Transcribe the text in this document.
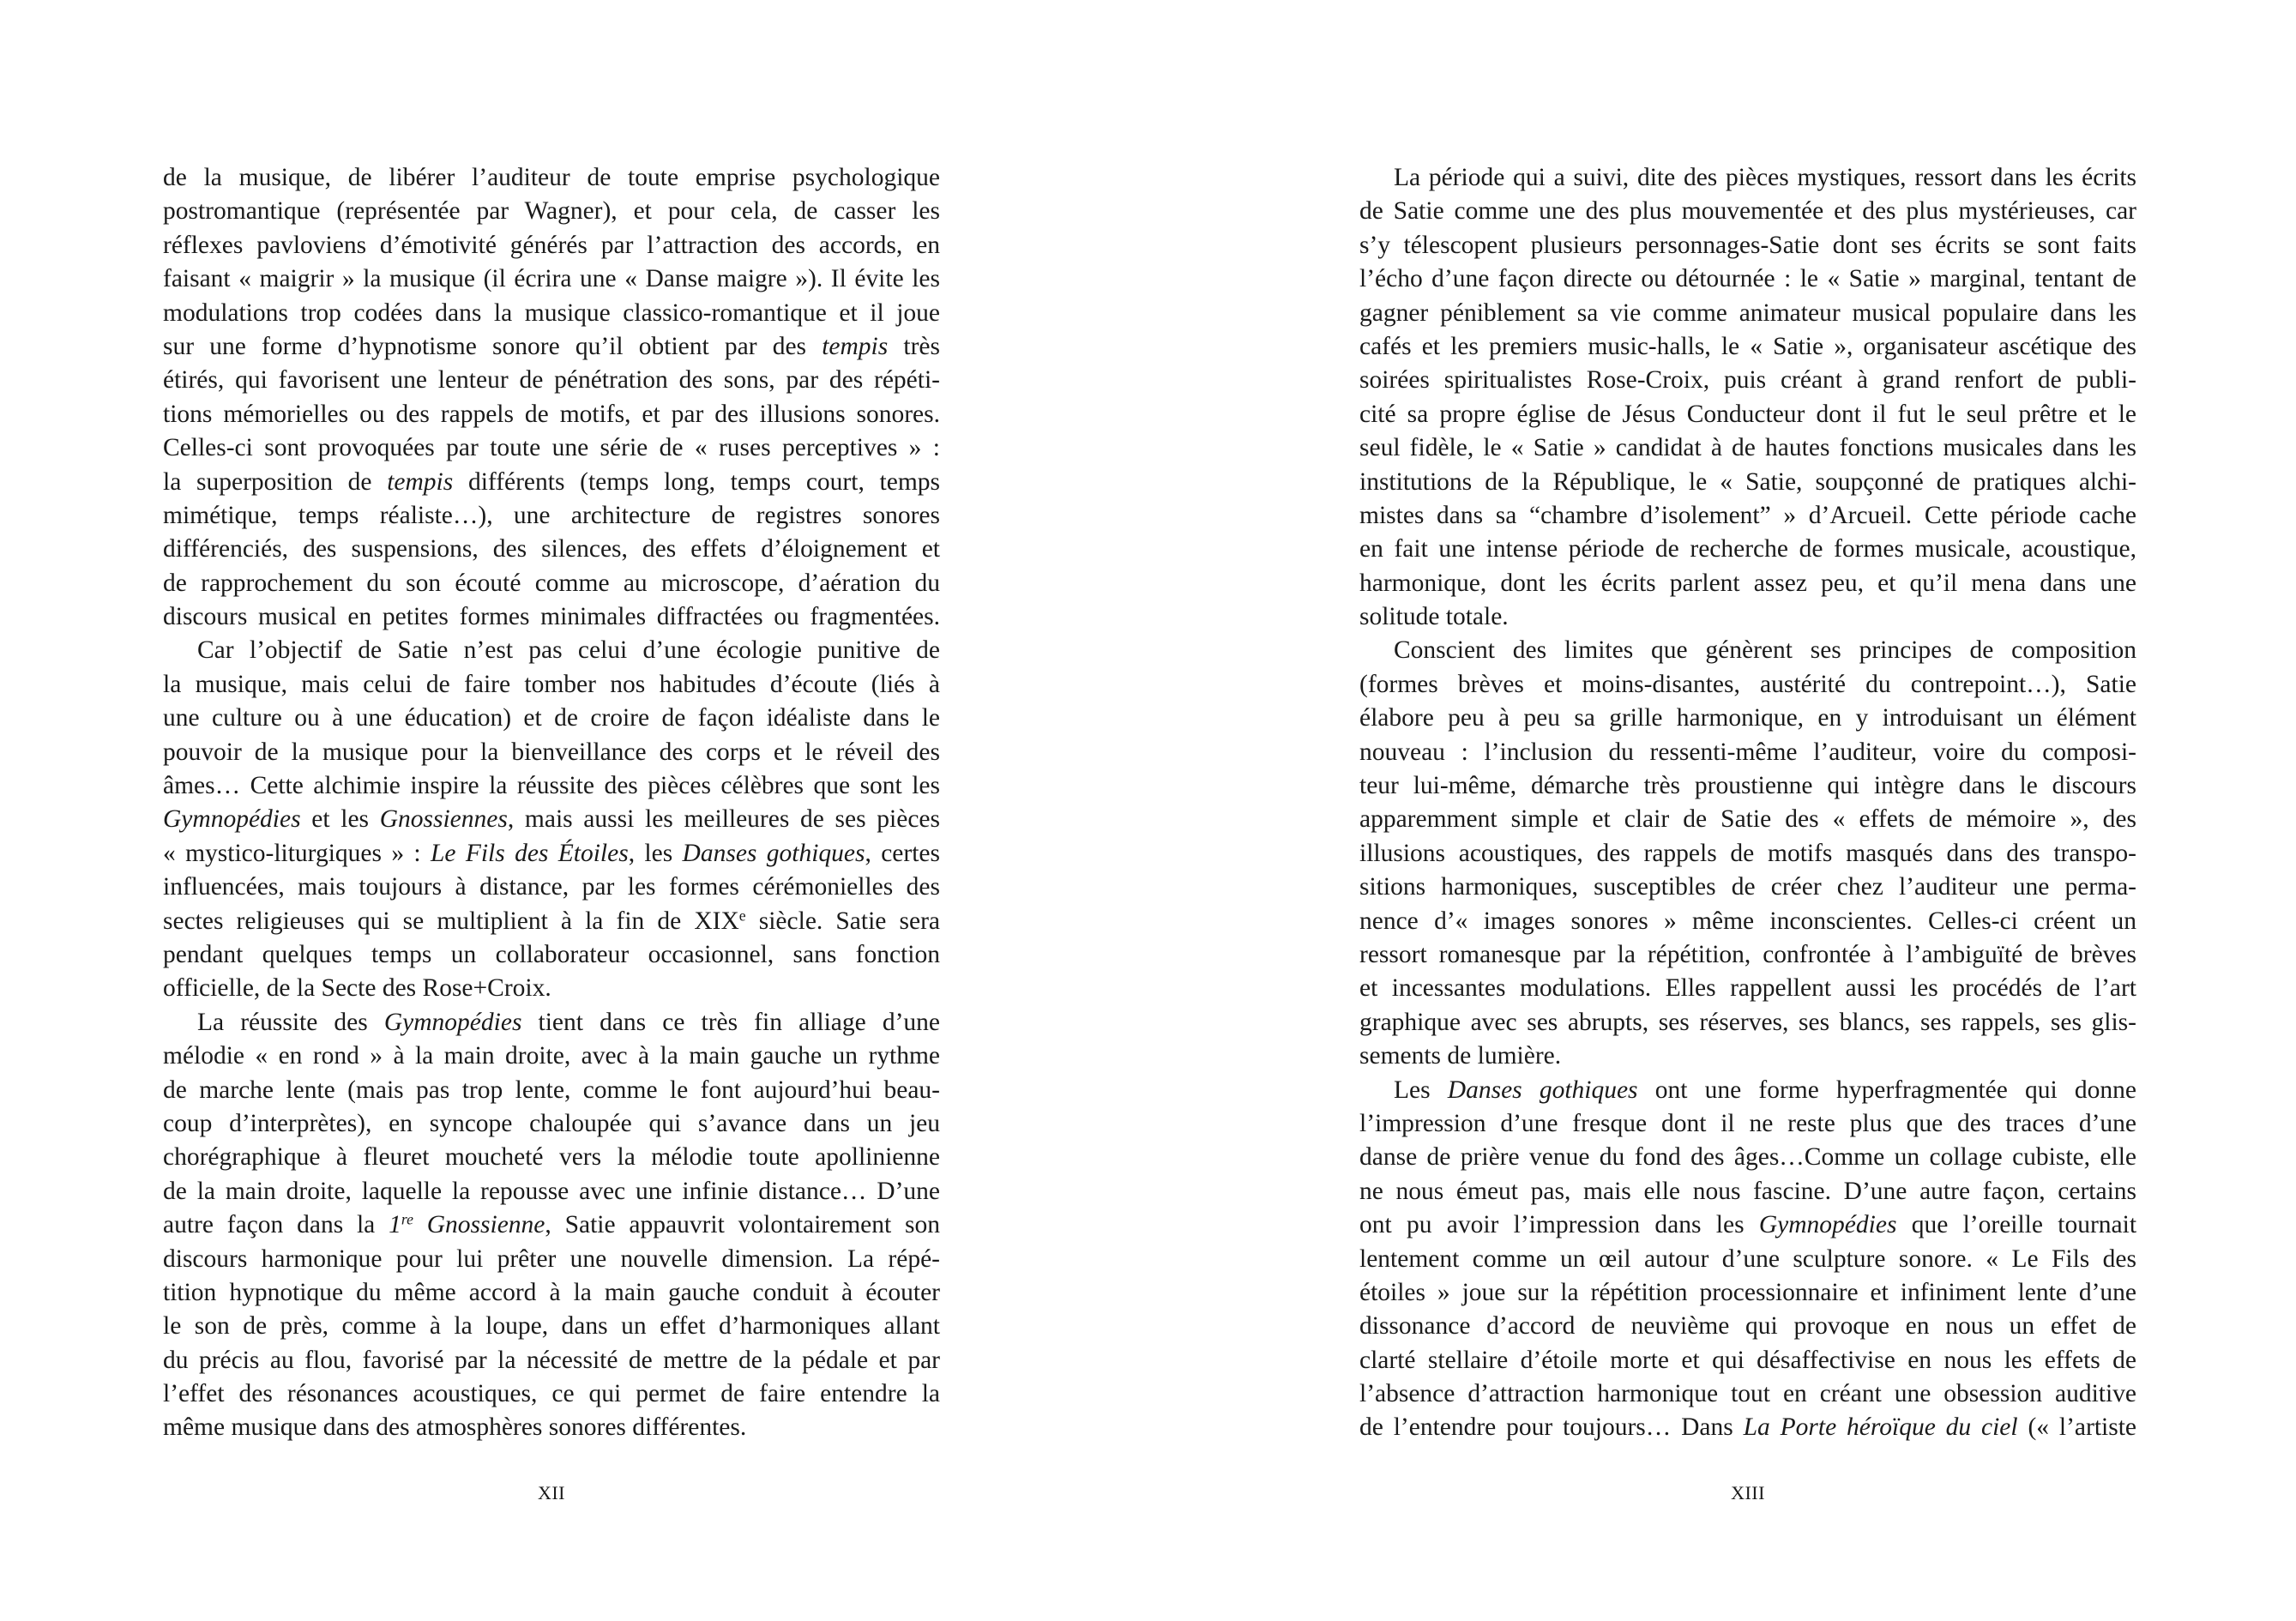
de la musique, de libérer l’auditeur de toute emprise psychologique
postromantique (représentée par Wagner), et pour cela, de casser les
réflexes pavloviens d’émotivité générés par l’attraction des accords, en
faisant « maigrir » la musique (il écrira une « Danse maigre »). Il évite les
modulations trop codées dans la musique classico-romantique et il joue
sur une forme d’hypnotisme sonore qu’il obtient par des tempis très
étirés, qui favorisent une lenteur de pénétration des sons, par des répéti-
tions mémorielles ou des rappels de motifs, et par des illusions sonores.
Celles-ci sont provoquées par toute une série de « ruses perceptives » :
la superposition de tempis différents (temps long, temps court, temps
mimétique, temps réaliste…), une architecture de registres sonores
différenciés, des suspensions, des silences, des effets d’éloignement et
de rapprochement du son écouté comme au microscope, d’aération du
discours musical en petites formes minimales diffractées ou fragmentées.
Car l’objectif de Satie n’est pas celui d’une écologie punitive de
la musique, mais celui de faire tomber nos habitudes d’écoute (liés à
une culture ou à une éducation) et de croire de façon idéaliste dans le
pouvoir de la musique pour la bienveillance des corps et le réveil des
âmes… Cette alchimie inspire la réussite des pièces célèbres que sont les
Gymnopédies et les Gnossiennes, mais aussi les meilleures de ses pièces
« mystico-liturgiques » : Le Fils des Étoiles, les Danses gothiques, certes
influencées, mais toujours à distance, par les formes cérémonielles des
sectes religieuses qui se multiplient à la fin de XIXe siècle. Satie sera
pendant quelques temps un collaborateur occasionnel, sans fonction
officielle, de la Secte des Rose+Croix.
La réussite des Gymnopédies tient dans ce très fin alliage d’une
mélodie « en rond » à la main droite, avec à la main gauche un rythme
de marche lente (mais pas trop lente, comme le font aujourd’hui beau-
coup d’interprètes), en syncope chaloupée qui s’avance dans un jeu
chorégraphique à fleuret moucheté vers la mélodie toute apollinienne
de la main droite, laquelle la repousse avec une infinie distance… D’une
autre façon dans la 1re Gnossienne, Satie appauvrit volontairement son
discours harmonique pour lui prêter une nouvelle dimension. La répé-
tition hypnotique du même accord à la main gauche conduit à écouter
le son de près, comme à la loupe, dans un effet d’harmoniques allant
du précis au flou, favorisé par la nécessité de mettre de la pédale et par
l’effet des résonances acoustiques, ce qui permet de faire entendre la
même musique dans des atmosphères sonores différentes.
XII
La période qui a suivi, dite des pièces mystiques, ressort dans les écrits
de Satie comme une des plus mouvementée et des plus mystérieuses, car
s’y télescopent plusieurs personnages-Satie dont ses écrits se sont faits
l’écho d’une façon directe ou détournée : le « Satie » marginal, tentant de
gagner péniblement sa vie comme animateur musical populaire dans les
cafés et les premiers music-halls, le « Satie », organisateur ascétique des
soirées spiritualistes Rose-Croix, puis créant à grand renfort de publi-
cité sa propre église de Jésus Conducteur dont il fut le seul prêtre et le
seul fidèle, le « Satie » candidat à de hautes fonctions musicales dans les
institutions de la République, le « Satie, soupçonné de pratiques alchi-
mistes dans sa “chambre d’isolement” » d’Arcueil. Cette période cache
en fait une intense période de recherche de formes musicale, acoustique,
harmonique, dont les écrits parlent assez peu, et qu’il mena dans une
solitude totale.
Conscient des limites que génèrent ses principes de composition
(formes brèves et moins-disantes, austérité du contrepoint…), Satie
élabore peu à peu sa grille harmonique, en y introduisant un élément
nouveau : l’inclusion du ressenti-même l’auditeur, voire du composi-
teur lui-même, démarche très proustienne qui intègre dans le discours
apparemment simple et clair de Satie des « effets de mémoire », des
illusions acoustiques, des rappels de motifs masqués dans des transpo-
sitions harmoniques, susceptibles de créer chez l’auditeur une perma-
nence d’« images sonores » même inconscientes. Celles-ci créent un
ressort romanesque par la répétition, confrontée à l’ambiguïté de brèves
et incessantes modulations. Elles rappellent aussi les procédés de l’art
graphique avec ses abrupts, ses réserves, ses blancs, ses rappels, ses glis-
sements de lumière.
Les Danses gothiques ont une forme hyperfragmentée qui donne
l’impression d’une fresque dont il ne reste plus que des traces d’une
danse de prière venue du fond des âges…Comme un collage cubiste, elle
ne nous émeut pas, mais elle nous fascine. D’une autre façon, certains
ont pu avoir l’impression dans les Gymnopédies que l’oreille tournait
lentement comme un œil autour d’une sculpture sonore. « Le Fils des
étoiles » joue sur la répétition processionnaire et infiniment lente d’une
dissonance d’accord de neuvième qui provoque en nous un effet de
clarté stellaire d’étoile morte et qui désaffectivise en nous les effets de
l’absence d’attraction harmonique tout en créant une obsession auditive
de l’entendre pour toujours… Dans La Porte héroïque du ciel (« l’artiste
XIII
